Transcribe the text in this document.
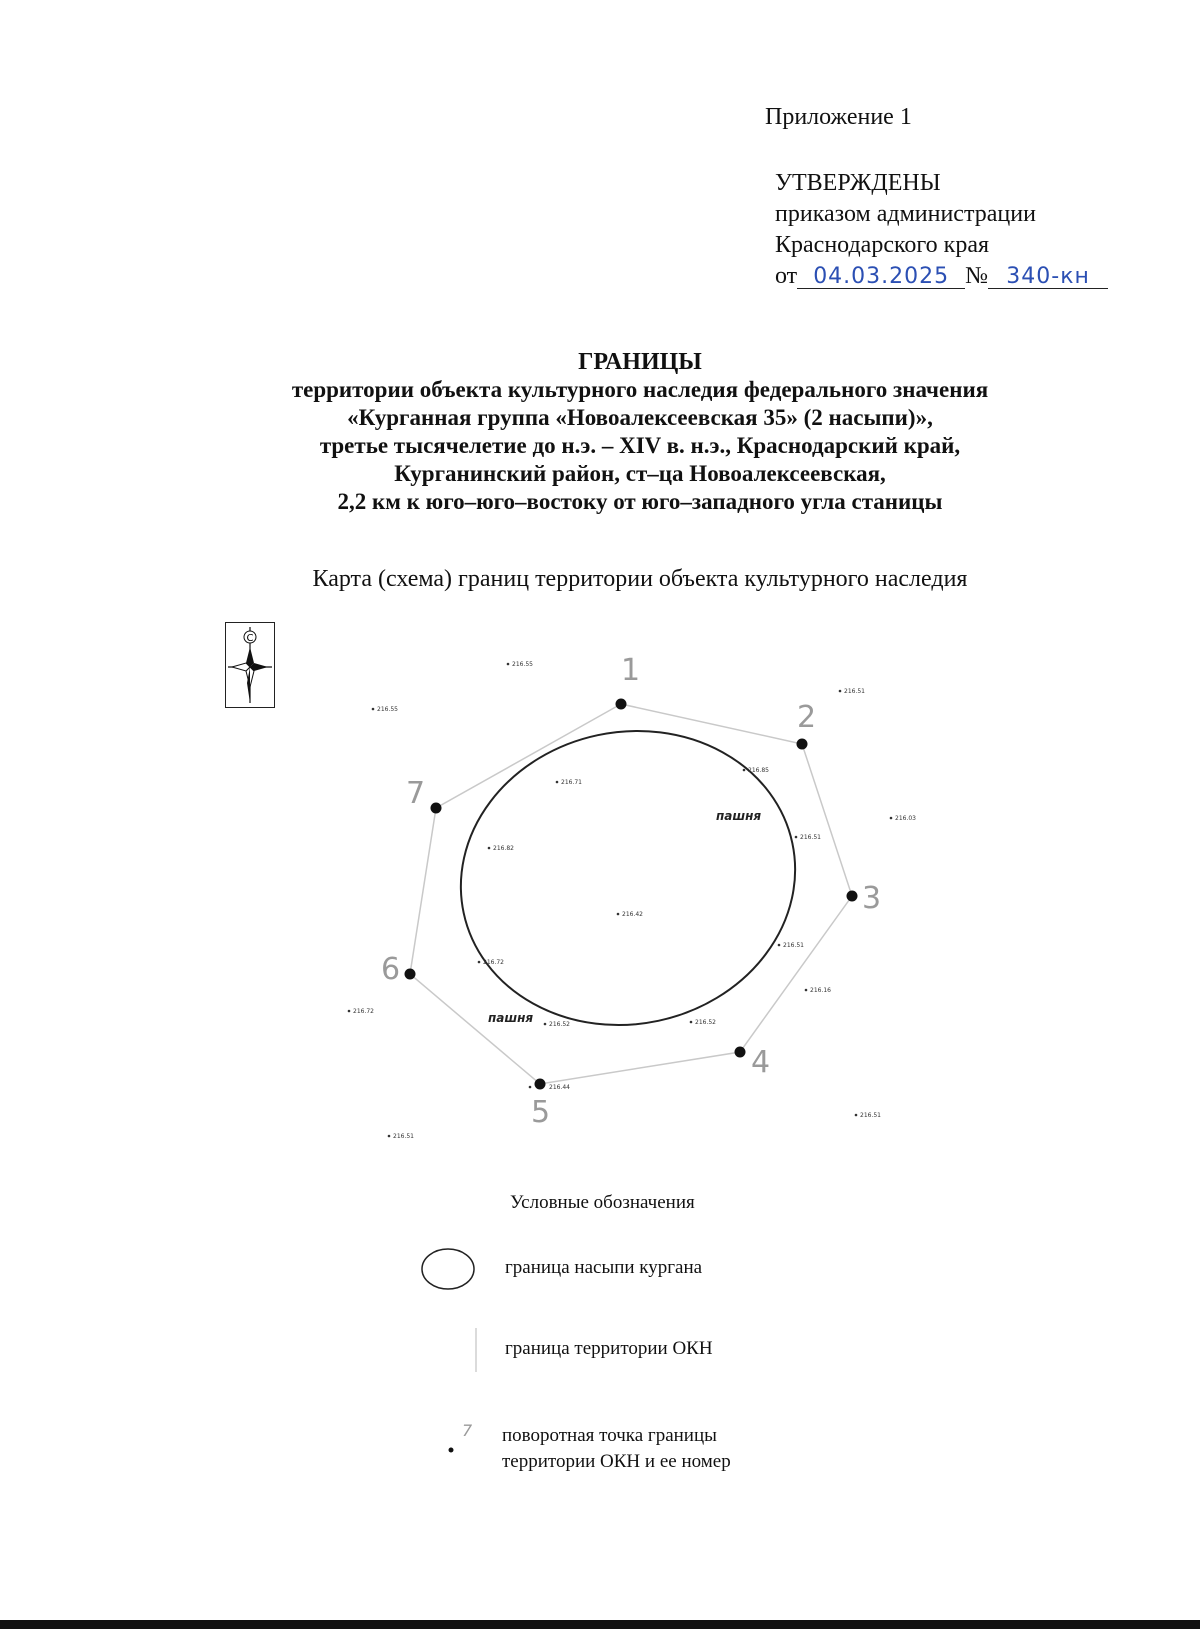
Приложение 1
УТВЕРЖДЕНЫ
приказом администрации
Краснодарского края
от 04.03.2025 № 340-кн
ГРАНИЦЫ
территории объекта культурного наследия федерального значения
«Курганная группа «Новоалексеевская 35» (2 насыпи)»,
третье тысячелетие до н.э. – XIV в. н.э., Краснодарский край,
Курганинский район, ст–ца Новоалексеевская,
2,2 км к юго–юго–востоку от юго–западного угла станицы
Карта (схема) границ территории объекта культурного наследия
С
1
2
3
4
5
6
7
пашня
пашня
216.55
216.55
216.51
216.03
216.85
216.71
216.82
216.51
216.42
216.51
216.16
216.72
216.52
216.52
216.44
216.51
216.72
216.51
7
Условные обозначения
граница насыпи кургана
граница территории ОКН
поворотная точка границы
территории ОКН и ее номер
